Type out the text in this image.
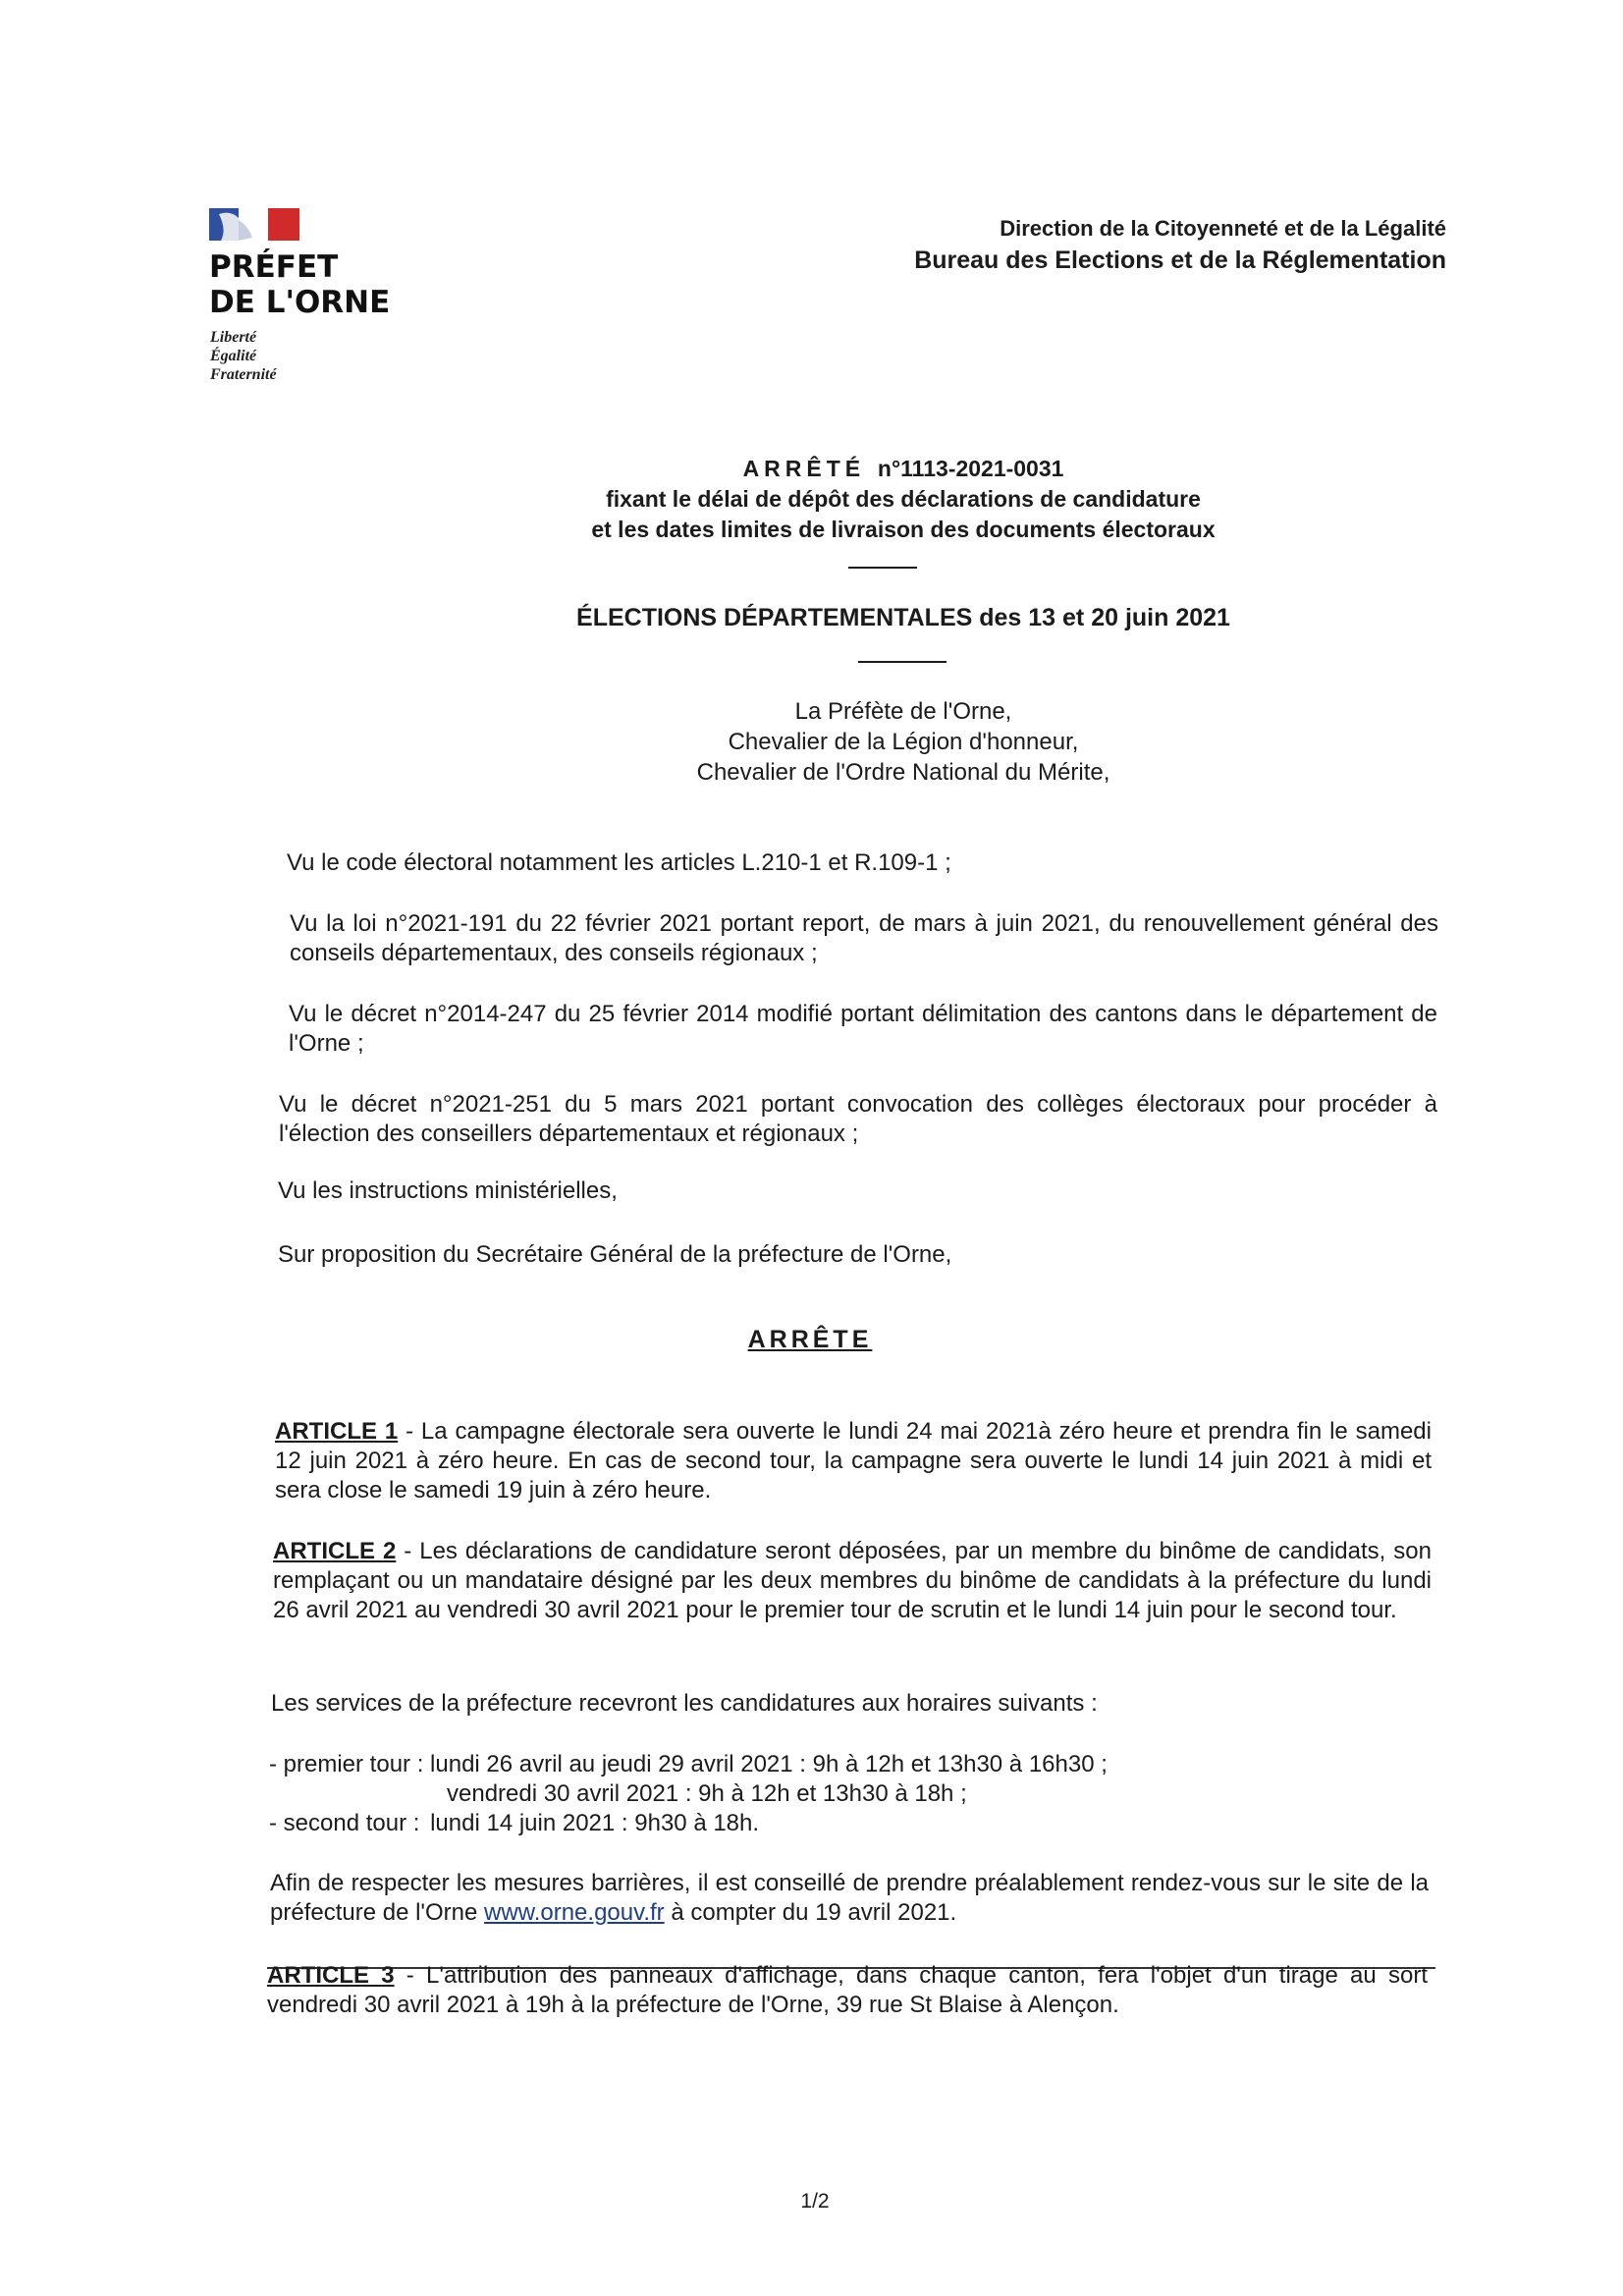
PRÉFET
DE L'ORNE
Liberté
Égalité
Fraternité
Direction de la Citoyenneté et de la Légalité
Bureau des Elections et de la Réglementation
ARRÊTÉ n°1113-2021-0031
fixant le délai de dépôt des déclarations de candidature
et les dates limites de livraison des documents électoraux
ÉLECTIONS DÉPARTEMENTALES des 13 et 20 juin 2021
La Préfète de l'Orne,
Chevalier de la Légion d'honneur,
Chevalier de l'Ordre National du Mérite,
Vu le code électoral notamment les articles L.210-1 et R.109-1 ;
Vu la loi n°2021-191 du 22 février 2021 portant report, de mars à juin 2021, du renouvellement général des conseils départementaux, des conseils régionaux ;
Vu le décret n°2014-247 du 25 février 2014 modifié portant délimitation des cantons dans le département de l'Orne ;
Vu le décret n°2021-251 du 5 mars 2021 portant convocation des collèges électoraux pour procéder à l'élection des conseillers départementaux et régionaux ;
Vu les instructions ministérielles,
Sur proposition du Secrétaire Général de la préfecture de l'Orne,
ARRÊTE
ARTICLE 1 - La campagne électorale sera ouverte le lundi 24 mai 2021à zéro heure et prendra fin le samedi 12 juin 2021 à zéro heure. En cas de second tour, la campagne sera ouverte le lundi 14 juin 2021 à midi et sera close le samedi 19 juin à zéro heure.
ARTICLE 2 - Les déclarations de candidature seront déposées, par un membre du binôme de candidats, son remplaçant ou un mandataire désigné par les deux membres du binôme de candidats à la préfecture du lundi 26 avril 2021 au vendredi 30 avril 2021 pour le premier tour de scrutin et le lundi 14 juin pour le second tour.
Les services de la préfecture recevront les candidatures aux horaires suivants :
- premier tour : lundi 26 avril au jeudi 29 avril 2021 : 9h à 12h et 13h30 à 16h30 ;
vendredi 30 avril 2021 : 9h à 12h et 13h30 à 18h ;
- second tour : lundi 14 juin 2021 : 9h30 à 18h.
Afin de respecter les mesures barrières, il est conseillé de prendre préalablement rendez-vous sur le site de la préfecture de l'Orne www.orne.gouv.fr à compter du 19 avril 2021.
ARTICLE 3 - L'attribution des panneaux d'affichage, dans chaque canton, fera l'objet d'un tirage au sort vendredi 30 avril 2021 à 19h à la préfecture de l'Orne, 39 rue St Blaise à Alençon.
1/2
